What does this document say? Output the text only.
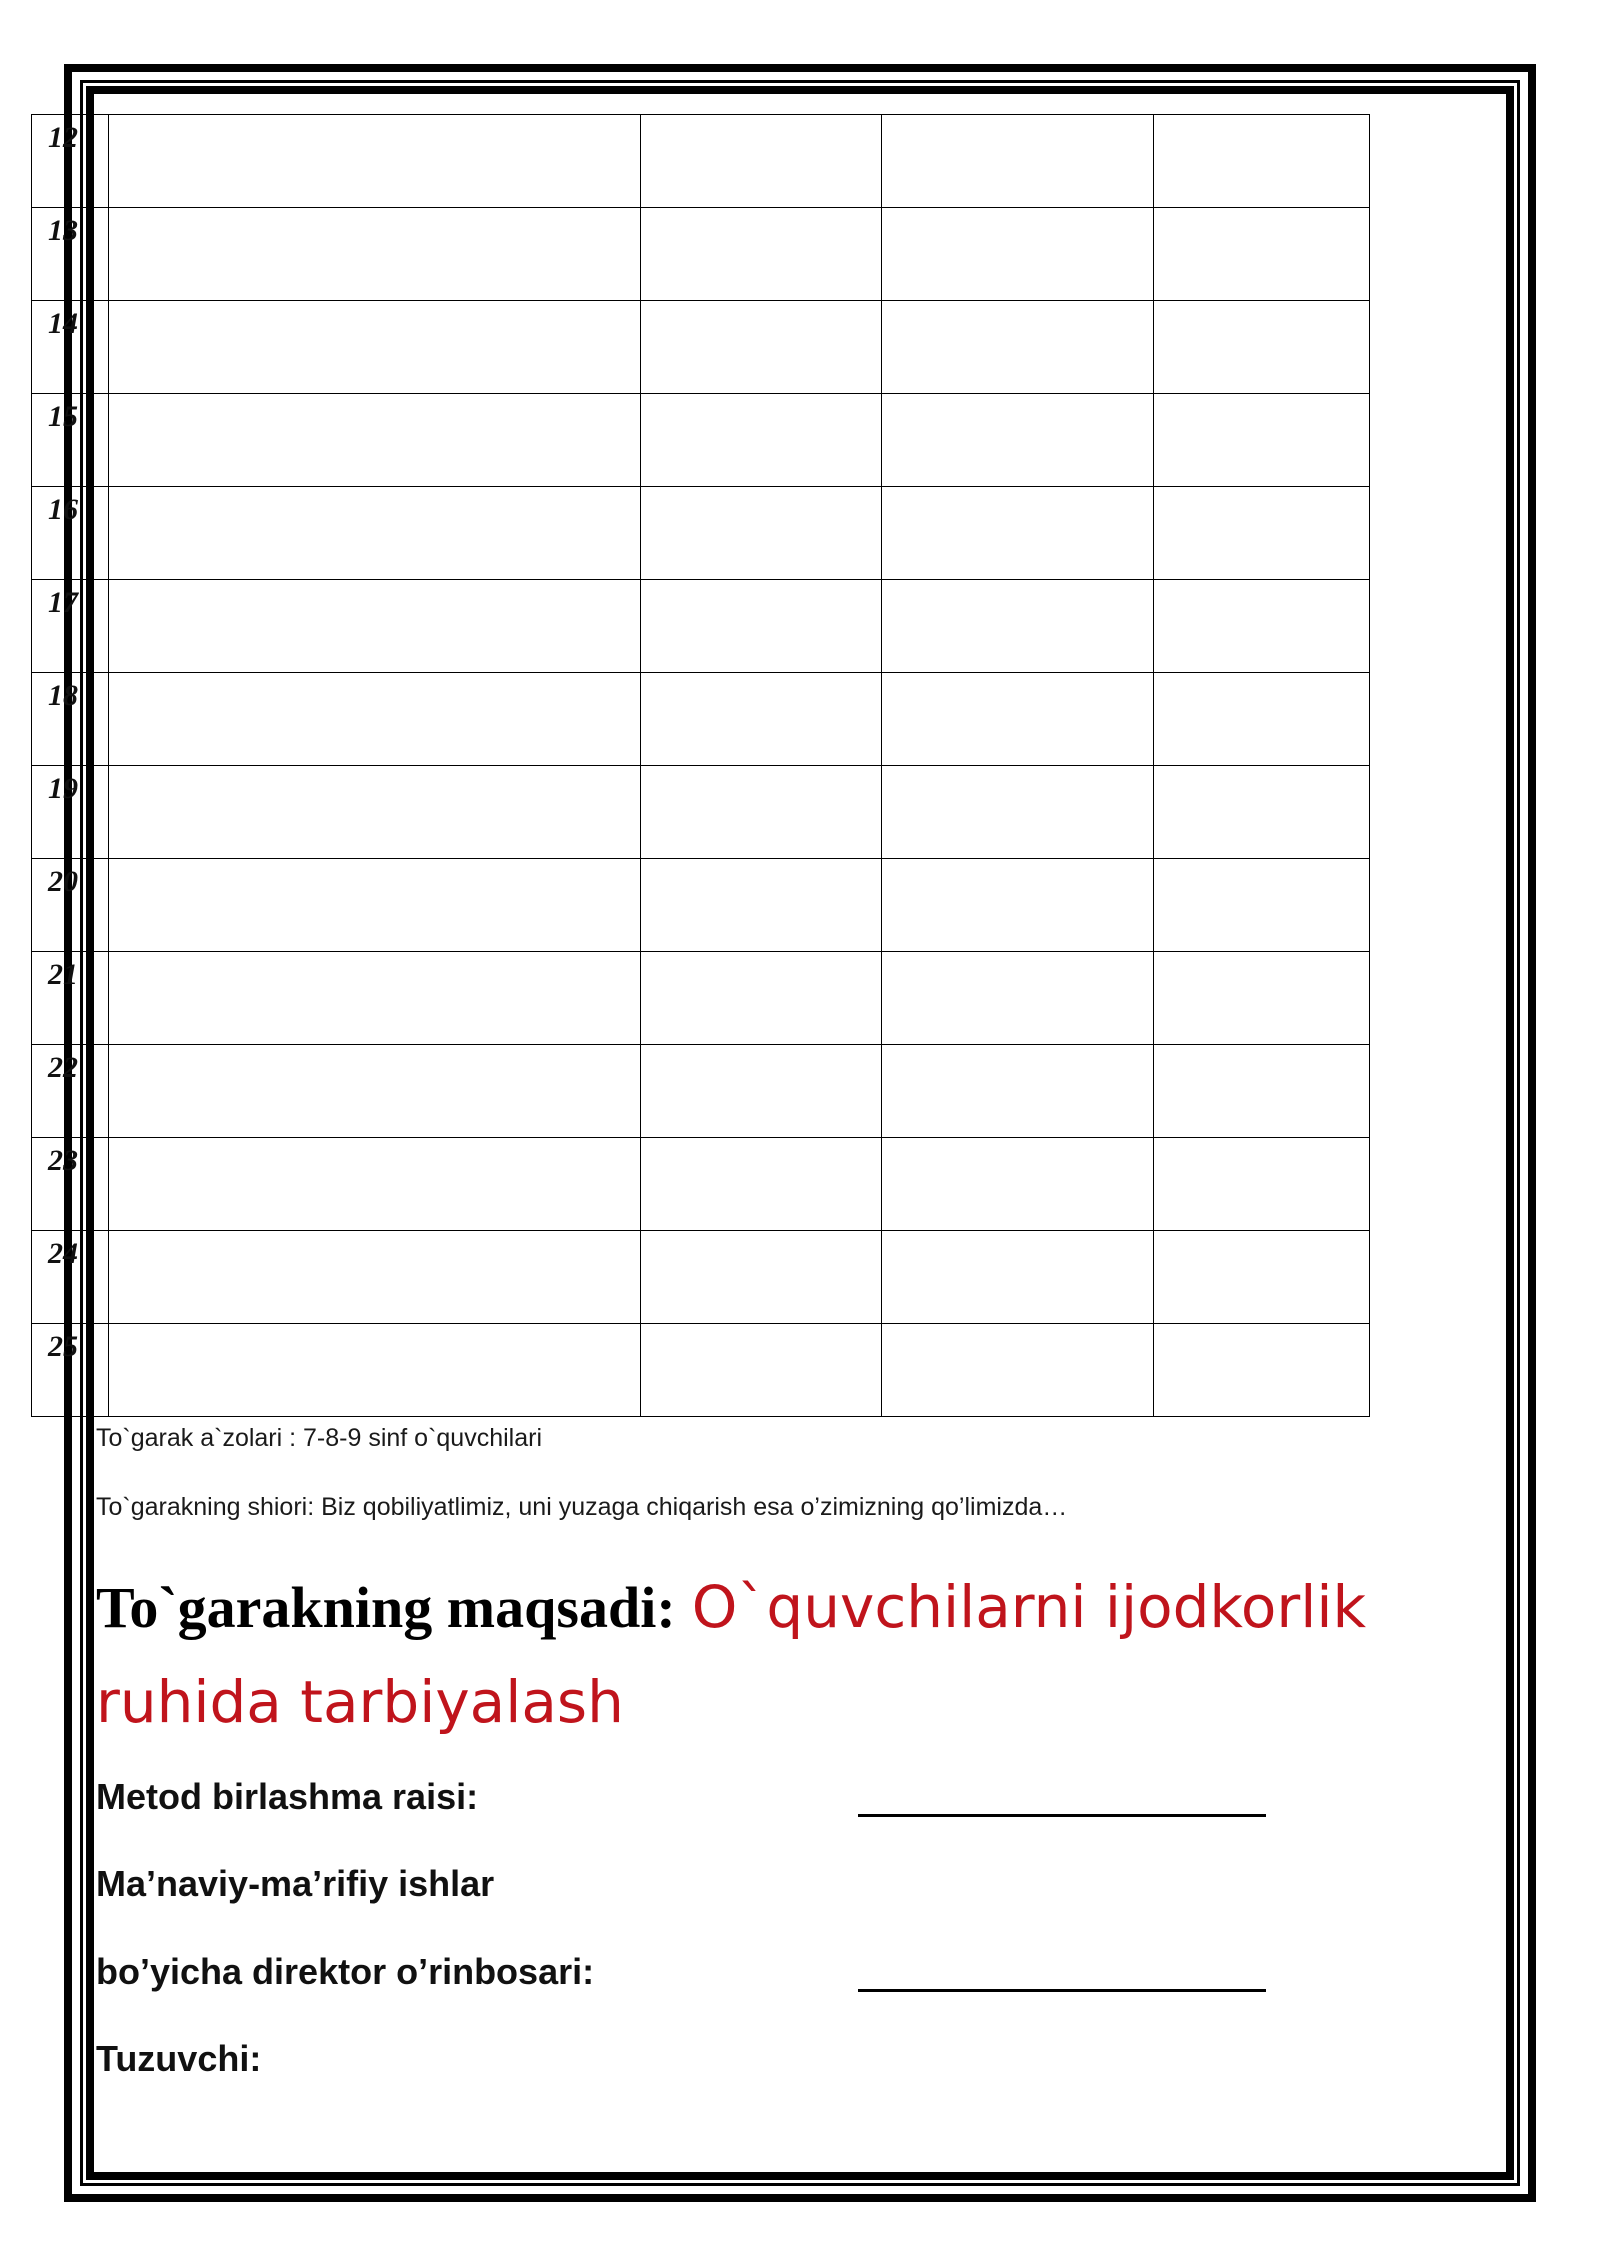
12				
13				
14				
15				
16				
17				
18				
19				
20				
21				
22				
23				
24				
25				

To`garak a`zolari : 7-8-9 sinf o`quvchilari

To`garakning shiori: Biz qobiliyatlimiz, uni yuzaga chiqarish esa o’zimizning qo’limizda…

To`garakning maqsadi: O`quvchilarni ijodkorlik ruhida tarbiyalash

Metod birlashma raisi:

Ma’naviy-ma’rifiy ishlar

bo’yicha direktor o’rinbosari:

Tuzuvchi:
